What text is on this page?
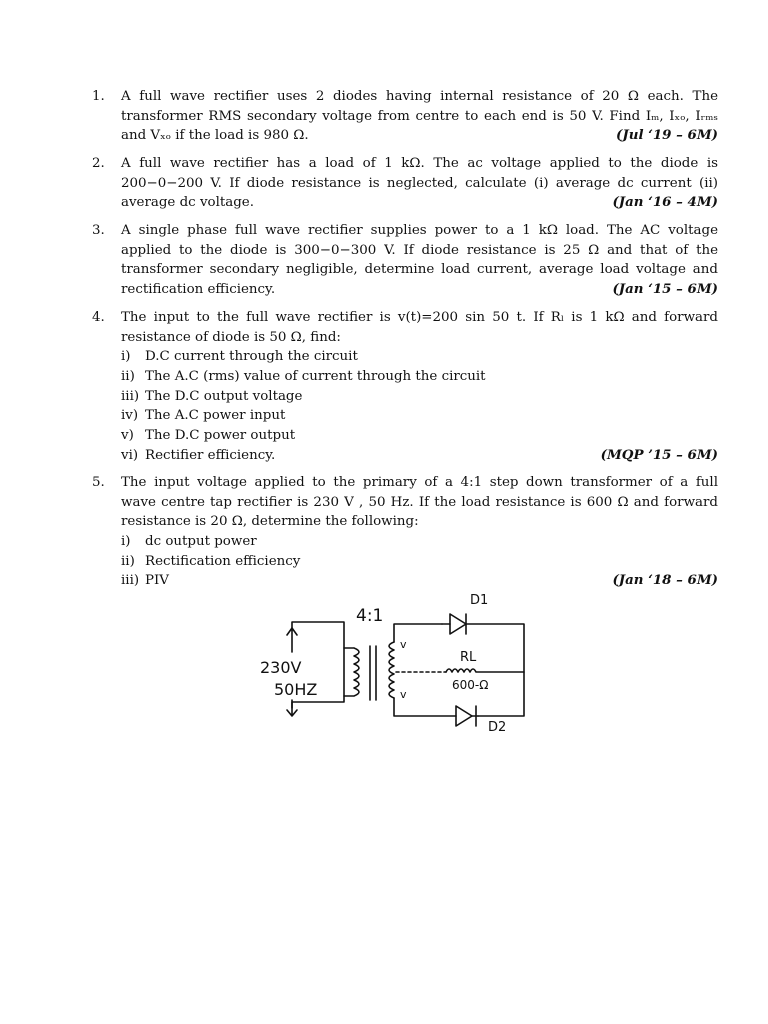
1.	A full wave rectifier uses 2 diodes having internal resistance of 20 Ω each. The
transformer RMS secondary voltage from centre to each end is 50 V. Find Iₘ, Iₓₒ, Iᵣₘₛ
and Vₓₒ if the load is 980 Ω.	(Jul ‘19 – 6M)
2.	A full wave rectifier has a load of 1 kΩ. The ac voltage applied to the diode is
200−0−200 V. If diode resistance is neglected, calculate (i) average dc current (ii)
average dc voltage.	(Jan ‘16 – 4M)
3.	A single phase full wave rectifier supplies power to a 1 kΩ load. The AC voltage
applied to the diode is 300−0−300 V. If diode resistance is 25 Ω and that of the
transformer secondary negligible, determine load current, average load voltage and
rectification efficiency.	(Jan ‘15 – 6M)
4.	The input to the full wave rectifier is v(t)=200 sin 50 t. If Rₗ is 1 kΩ and forward
resistance of diode is 50 Ω, find:
i) D.C current through the circuit
ii) The A.C (rms) value of current through the circuit
iii) The D.C output voltage
iv) The A.C power input
v) The D.C power output
vi) Rectifier efficiency.	(MQP ’15 – 6M)
5.	The input voltage applied to the primary of a 4:1 step down transformer of a full
wave centre tap rectifier is 230 V , 50 Hz. If the load resistance is 600 Ω and forward
resistance is 20 Ω, determine the following:
i) dc output power
ii) Rectification efficiency
iii) PIV	(Jan ‘18 – 6M)
4:1
D1
D2
RL
600-Ω
230V
50HZ
v
v
